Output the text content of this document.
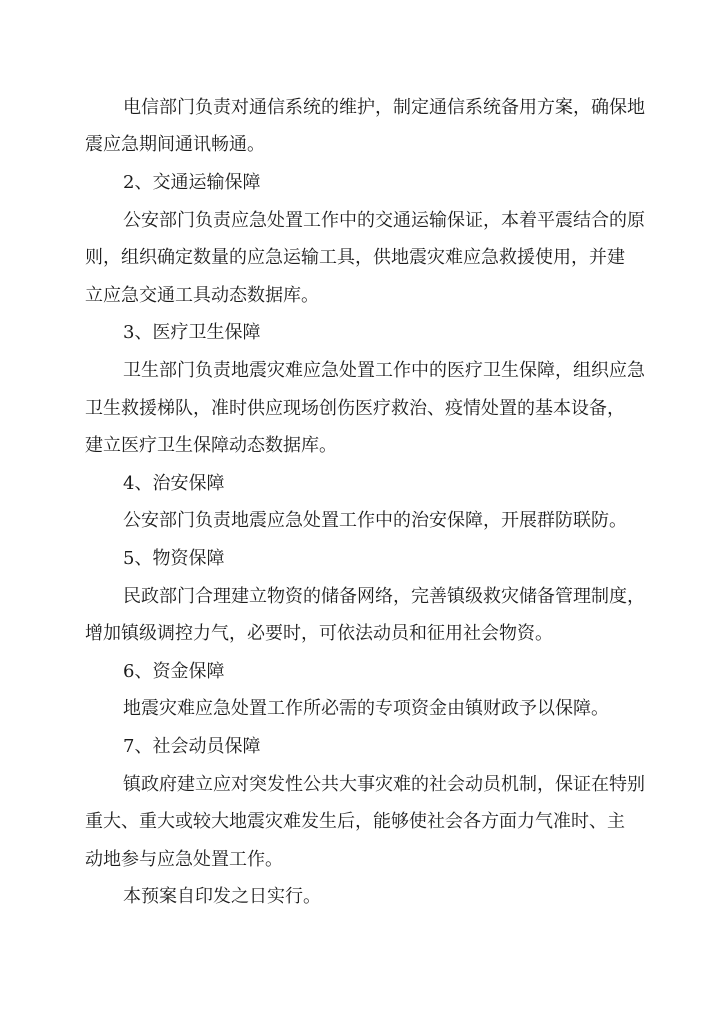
电信部门负责对通信系统的维护，制定通信系统备用方案，确保地
震应急期间通讯畅通。
2、交通运输保障
公安部门负责应急处置工作中的交通运输保证，本着平震结合的原
则，组织确定数量的应急运输工具，供地震灾难应急救援使用，并建
立应急交通工具动态数据库。
3、医疗卫生保障
卫生部门负责地震灾难应急处置工作中的医疗卫生保障，组织应急
卫生救援梯队，准时供应现场创伤医疗救治、疫情处置的基本设备，
建立医疗卫生保障动态数据库。
4、治安保障
公安部门负责地震应急处置工作中的治安保障，开展群防联防。
5、物资保障
民政部门合理建立物资的储备网络，完善镇级救灾储备管理制度，
增加镇级调控力气，必要时，可依法动员和征用社会物资。
6、资金保障
地震灾难应急处置工作所必需的专项资金由镇财政予以保障。
7、社会动员保障
镇政府建立应对突发性公共大事灾难的社会动员机制，保证在特别
重大、重大或较大地震灾难发生后，能够使社会各方面力气准时、主
动地参与应急处置工作。
本预案自印发之日实行。
